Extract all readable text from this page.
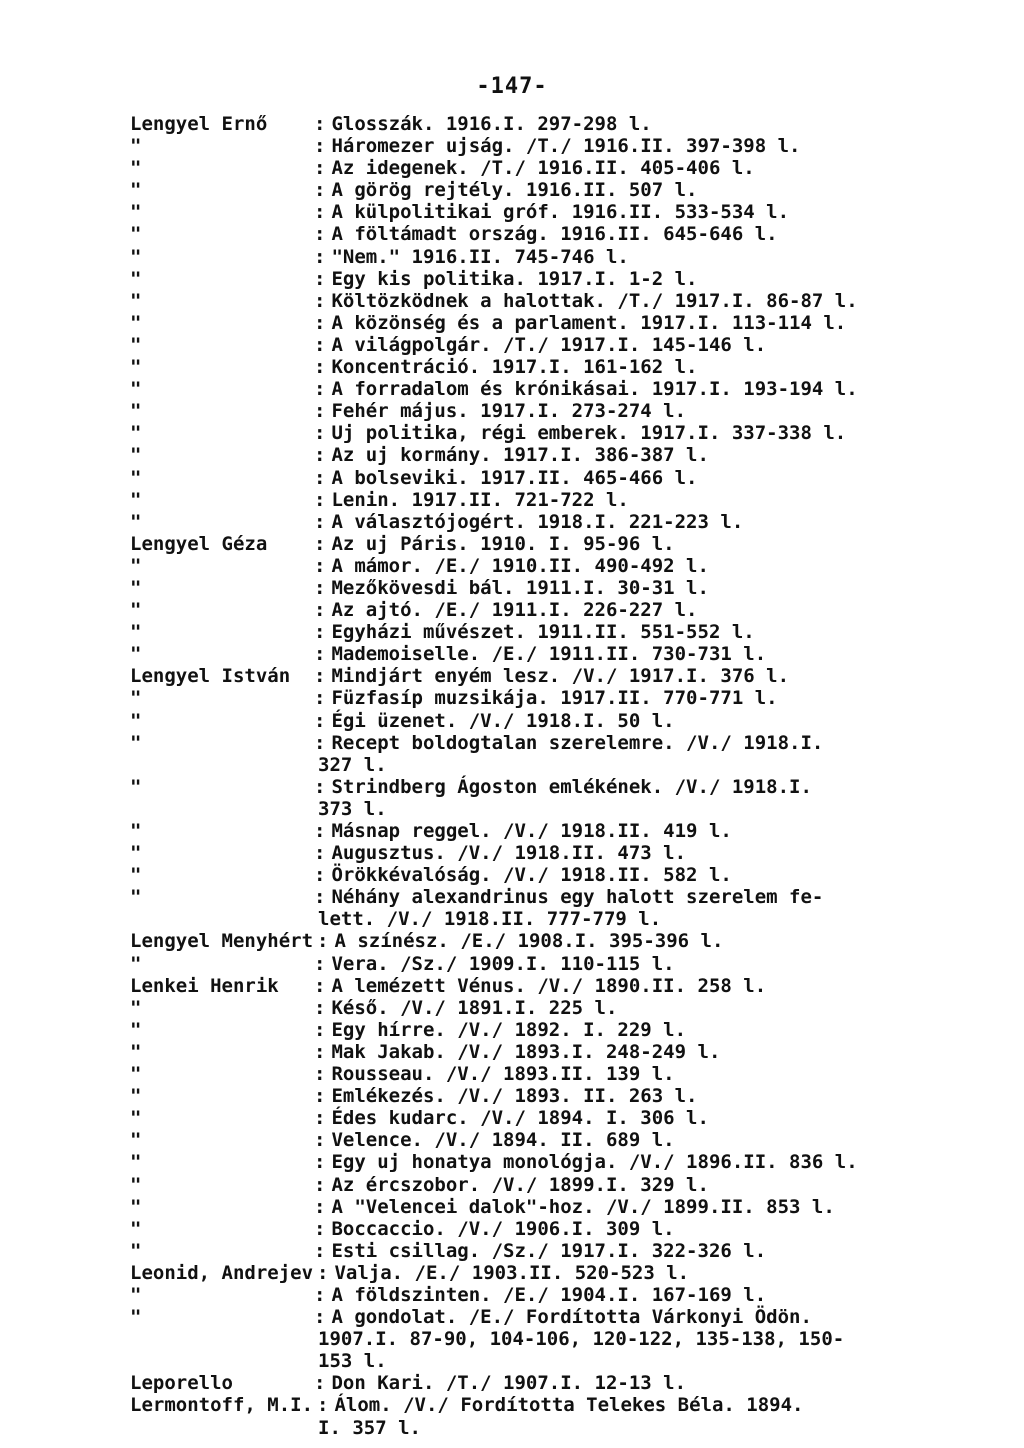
-147-
Lengyel Ernő	: Glosszák. 1916.I. 297-298 l.
"	: Háromezer ujság. /T./ 1916.II. 397-398 l.
"	: Az idegenek. /T./ 1916.II. 405-406 l.
"	: A görög rejtély. 1916.II. 507 l.
"	: A külpolitikai gróf. 1916.II. 533-534 l.
"	: A föltámadt ország. 1916.II. 645-646 l.
"	: "Nem." 1916.II. 745-746 l.
"	: Egy kis politika. 1917.I. 1-2 l.
"	: Költözködnek a halottak. /T./ 1917.I. 86-87 l.
"	: A közönség és a parlament. 1917.I. 113-114 l.
"	: A világpolgár. /T./ 1917.I. 145-146 l.
"	: Koncentráció. 1917.I. 161-162 l.
"	: A forradalom és krónikásai. 1917.I. 193-194 l.
"	: Fehér május. 1917.I. 273-274 l.
"	: Uj politika, régi emberek. 1917.I. 337-338 l.
"	: Az uj kormány. 1917.I. 386-387 l.
"	: A bolseviki. 1917.II. 465-466 l.
"	: Lenin. 1917.II. 721-722 l.
"	: A választójogért. 1918.I. 221-223 l.
Lengyel Géza	: Az uj Páris. 1910. I. 95-96 l.
"	: A mámor. /E./ 1910.II. 490-492 l.
"	: Mezőkövesdi bál. 1911.I. 30-31 l.
"	: Az ajtó. /E./ 1911.I. 226-227 l.
"	: Egyházi művészet. 1911.II. 551-552 l.
"	: Mademoiselle. /E./ 1911.II. 730-731 l.
Lengyel István	: Mindjárt enyém lesz. /V./ 1917.I. 376 l.
"	: Füzfasíp muzsikája. 1917.II. 770-771 l.
"	: Égi üzenet. /V./ 1918.I. 50 l.
"	: Recept boldogtalan szerelemre. /V./ 1918.I.
327 l.
"	: Strindberg Ágoston emlékének. /V./ 1918.I.
373 l.
"	: Másnap reggel. /V./ 1918.II. 419 l.
"	: Augusztus. /V./ 1918.II. 473 l.
"	: Örökkévalóság. /V./ 1918.II. 582 l.
"	: Néhány alexandrinus egy halott szerelem fe-
lett. /V./ 1918.II. 777-779 l.
Lengyel Menyhért : A színész. /E./ 1908.I. 395-396 l.
"	: Vera. /Sz./ 1909.I. 110-115 l.
Lenkei Henrik	: A lemézett Vénus. /V./ 1890.II. 258 l.
"	: Késő. /V./ 1891.I. 225 l.
"	: Egy hírre. /V./ 1892. I. 229 l.
"	: Mak Jakab. /V./ 1893.I. 248-249 l.
"	: Rousseau. /V./ 1893.II. 139 l.
"	: Emlékezés. /V./ 1893. II. 263 l.
"	: Édes kudarc. /V./ 1894. I. 306 l.
"	: Velence. /V./ 1894. II. 689 l.
"	: Egy uj honatya monológja. /V./ 1896.II. 836 l.
"	: Az ércszobor. /V./ 1899.I. 329 l.
"	: A "Velencei dalok"-hoz. /V./ 1899.II. 853 l.
"	: Boccaccio. /V./ 1906.I. 309 l.
"	: Esti csillag. /Sz./ 1917.I. 322-326 l.
Leonid, Andrejev : Valja. /E./ 1903.II. 520-523 l.
"	: A földszinten. /E./ 1904.I. 167-169 l.
"	: A gondolat. /E./ Fordította Várkonyi Ödön.
1907.I. 87-90, 104-106, 120-122, 135-138, 150-
153 l.
Leporello	: Don Kari. /T./ 1907.I. 12-13 l.
Lermontoff, M.I. : Álom. /V./ Fordította Telekes Béla. 1894.
I. 357 l.
